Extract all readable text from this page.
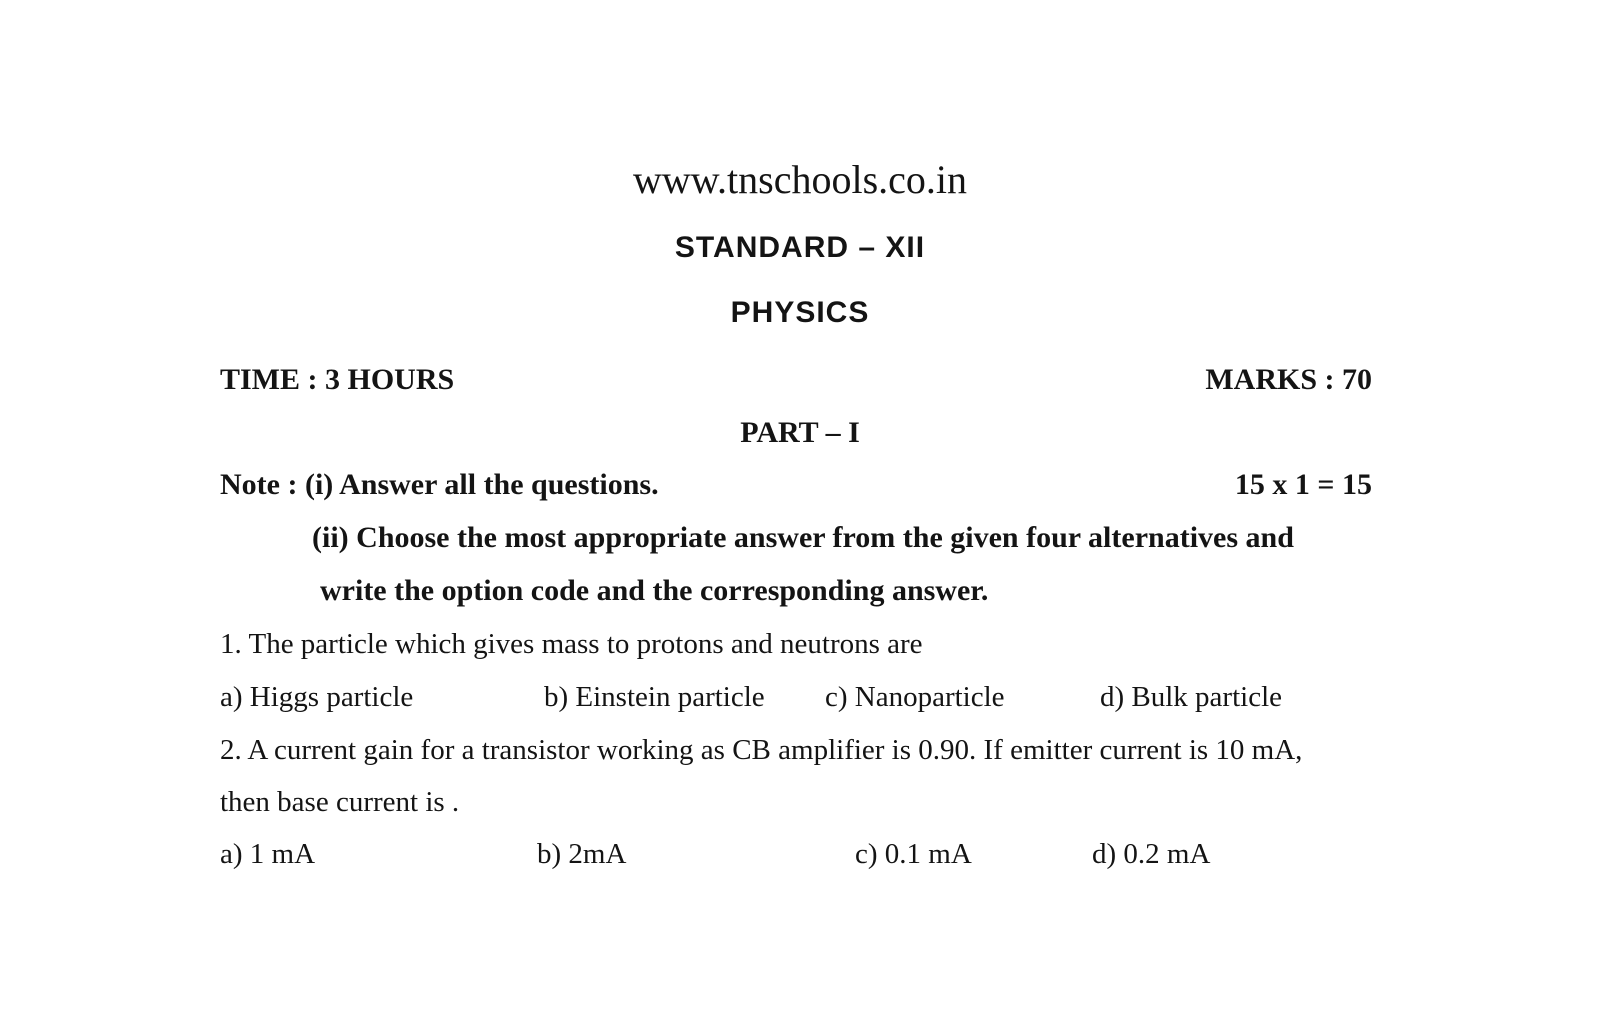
www.tnschools.co.in
STANDARD – XII
PHYSICS
TIME : 3 HOURS	MARKS : 70
PART – I
Note : (i) Answer all the questions.	15 x 1 = 15
(ii) Choose the most appropriate answer from the given four alternatives and
write the option code and the corresponding answer.
1. The particle which gives mass to protons and neutrons are
a) Higgs particle	b) Einstein particle c) Nanoparticle	d) Bulk particle
2. A current gain for a transistor working as CB amplifier is 0.90. If emitter current is 10 mA,
then base current is .
a) 1 mA	b) 2mA	c) 0.1 mA	d) 0.2 mA
